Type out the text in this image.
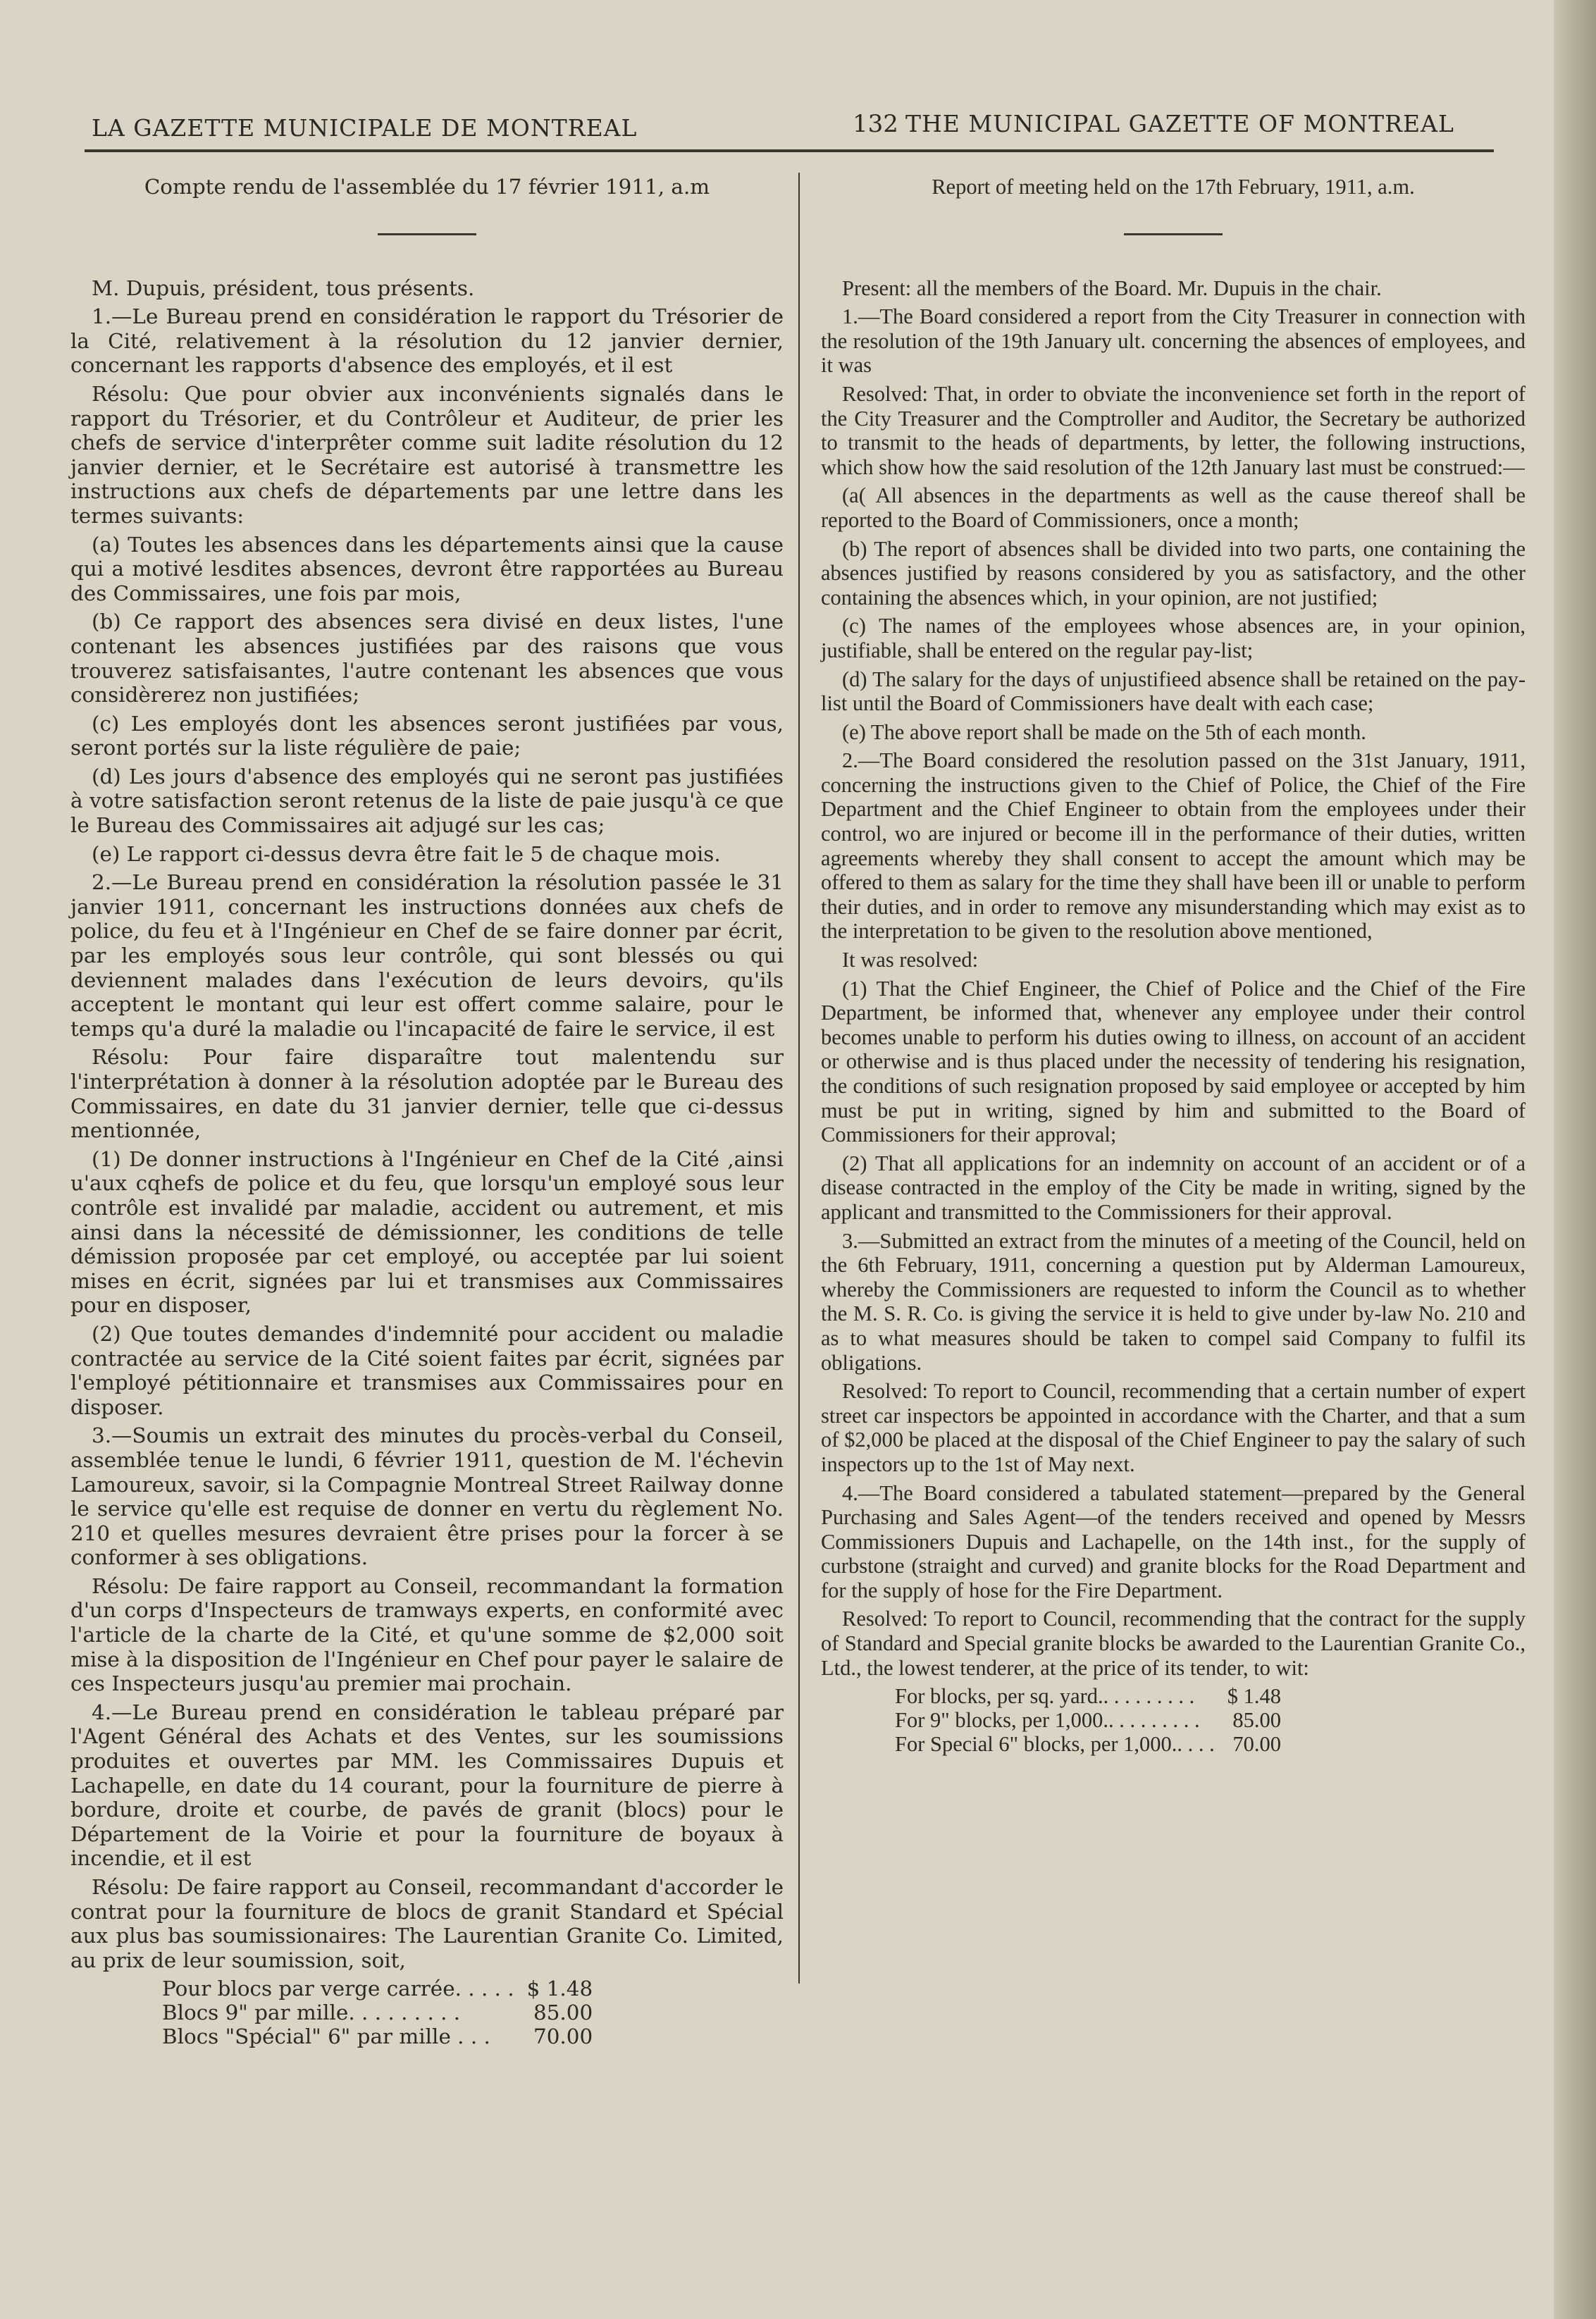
LA GAZETTE MUNICIPALE DE MONTREAL	132 THE MUNICIPAL GAZETTE OF MONTREAL

Compte rendu de l'assemblée du 17 février 1911, a.m

M. Dupuis, président, tous présents.

1.—Le Bureau prend en considération le rapport du Trésorier de la Cité, relativement à la résolution du 12 janvier dernier, concernant les rapports d'absence des employés, et il est

Résolu: Que pour obvier aux inconvénients signalés dans le rapport du Trésorier, et du Contrôleur et Auditeur, de prier les chefs de service d'interprêter comme suit ladite résolution du 12 janvier dernier, et le Secrétaire est autorisé à transmettre les instructions aux chefs de départements par une lettre dans les termes suivants:

(a) Toutes les absences dans les départements ainsi que la cause qui a motivé lesdites absences, devront être rapportées au Bureau des Commissaires, une fois par mois,

(b) Ce rapport des absences sera divisé en deux listes, l'une contenant les absences justifiées par des raisons que vous trouverez satisfaisantes, l'autre contenant les absences que vous considèrerez non justifiées;

(c) Les employés dont les absences seront justifiées par vous, seront portés sur la liste régulière de paie;

(d) Les jours d'absence des employés qui ne seront pas justifiées à votre satisfaction seront retenus de la liste de paie jusqu'à ce que le Bureau des Commissaires ait adjugé sur les cas;

(e) Le rapport ci-dessus devra être fait le 5 de chaque mois.

2.—Le Bureau prend en considération la résolution passée le 31 janvier 1911, concernant les instructions données aux chefs de police, du feu et à l'Ingénieur en Chef de se faire donner par écrit, par les employés sous leur contrôle, qui sont blessés ou qui deviennent malades dans l'exécution de leurs devoirs, qu'ils acceptent le montant qui leur est offert comme salaire, pour le temps qu'a duré la maladie ou l'incapacité de faire le service, il est

Résolu: Pour faire disparaître tout malentendu sur l'interprétation à donner à la résolution adoptée par le Bureau des Commissaires, en date du 31 janvier dernier, telle que ci-dessus mentionnée,

(1) De donner instructions à l'Ingénieur en Chef de la Cité ,ainsi u'aux cqhefs de police et du feu, que lorsqu'un employé sous leur contrôle est invalidé par maladie, accident ou autrement, et mis ainsi dans la nécessité de démissionner, les conditions de telle démission proposée par cet employé, ou acceptée par lui soient mises en écrit, signées par lui et transmises aux Commissaires pour en disposer,

(2) Que toutes demandes d'indemnité pour accident ou maladie contractée au service de la Cité soient faites par écrit, signées par l'employé pétitionnaire et transmises aux Commissaires pour en disposer.

3.—Soumis un extrait des minutes du procès-verbal du Conseil, assemblée tenue le lundi, 6 février 1911, question de M. l'échevin Lamoureux, savoir, si la Compagnie Montreal Street Railway donne le service qu'elle est requise de donner en vertu du règlement No. 210 et quelles mesures devraient être prises pour la forcer à se conformer à ses obligations.

Résolu: De faire rapport au Conseil, recommandant la formation d'un corps d'Inspecteurs de tramways experts, en conformité avec l'article de la charte de la Cité, et qu'une somme de $2,000 soit mise à la disposition de l'Ingénieur en Chef pour payer le salaire de ces Inspecteurs jusqu'au premier mai prochain.

4.—Le Bureau prend en considération le tableau préparé par l'Agent Général des Achats et des Ventes, sur les soumissions produites et ouvertes par MM. les Commissaires Dupuis et Lachapelle, en date du 14 courant, pour la fourniture de pierre à bordure, droite et courbe, de pavés de granit (blocs) pour le Département de la Voirie et pour la fourniture de boyaux à incendie, et il est

Résolu: De faire rapport au Conseil, recommandant d'accorder le contrat pour la fourniture de blocs de granit Standard et Spécial aux plus bas soumissionaires: The Laurentian Granite Co. Limited, au prix de leur soumission, soit,

Pour blocs par verge carrée. . . . .	$ 1.48
Blocs 9" par mille. . . . . . . . .	85.00
Blocs "Spécial" 6" par mille . . .	70.00

Report of meeting held on the 17th February, 1911, a.m.

Present: all the members of the Board. Mr. Dupuis in the chair.

1.—The Board considered a report from the City Treasurer in connection with the resolution of the 19th January ult. concerning the absences of employees, and it was

Resolved: That, in order to obviate the inconvenience set forth in the report of the City Treasurer and the Comptroller and Auditor, the Secretary be authorized to transmit to the heads of departments, by letter, the following instructions, which show how the said resolution of the 12th January last must be construed:—

(a( All absences in the departments as well as the cause thereof shall be reported to the Board of Commissioners, once a month;

(b) The report of absences shall be divided into two parts, one containing the absences justified by reasons considered by you as satisfactory, and the other containing the absences which, in your opinion, are not justified;

(c) The names of the employees whose absences are, in your opinion, justifiable, shall be entered on the regular pay-list;

(d) The salary for the days of unjustifieed absence shall be retained on the pay-list until the Board of Commissioners have dealt with each case;

(e) The above report shall be made on the 5th of each month.

2.—The Board considered the resolution passed on the 31st January, 1911, concerning the instructions given to the Chief of Police, the Chief of the Fire Department and the Chief Engineer to obtain from the employees under their control, wo are injured or become ill in the performance of their duties, written agreements whereby they shall consent to accept the amount which may be offered to them as salary for the time they shall have been ill or unable to perform their duties, and in order to remove any misunderstanding which may exist as to the interpretation to be given to the resolution above mentioned,

It was resolved:

(1) That the Chief Engineer, the Chief of Police and the Chief of the Fire Department, be informed that, whenever any employee under their control becomes unable to perform his duties owing to illness, on account of an accident or otherwise and is thus placed under the necessity of tendering his resignation, the conditions of such resignation proposed by said employee or accepted by him must be put in writing, signed by him and submitted to the Board of Commissioners for their approval;

(2) That all applications for an indemnity on account of an accident or of a disease contracted in the employ of the City be made in writing, signed by the applicant and transmitted to the Commissioners for their approval.

3.—Submitted an extract from the minutes of a meeting of the Council, held on the 6th February, 1911, concerning a question put by Alderman Lamoureux, whereby the Commissioners are requested to inform the Council as to whether the M. S. R. Co. is giving the service it is held to give under by-law No. 210 and as to what measures should be taken to compel said Company to fulfil its obligations.

Resolved: To report to Council, recommending that a certain number of expert street car inspectors be appointed in accordance with the Charter, and that a sum of $2,000 be placed at the disposal of the Chief Engineer to pay the salary of such inspectors up to the 1st of May next.

4.—The Board considered a tabulated statement—prepared by the General Purchasing and Sales Agent—of the tenders received and opened by Messrs Commissioners Dupuis and Lachapelle, on the 14th inst., for the supply of curbstone (straight and curved) and granite blocks for the Road Department and for the supply of hose for the Fire Department.

Resolved: To report to Council, recommending that the contract for the supply of Standard and Special granite blocks be awarded to the Laurentian Granite Co., Ltd., the lowest tenderer, at the price of its tender, to wit:

For blocks, per sq. yard.. . . . . . . . .	$ 1.48
For 9" blocks, per 1,000.. . . . . . . . .	85.00
For Special 6" blocks, per 1,000.. . . .	70.00
